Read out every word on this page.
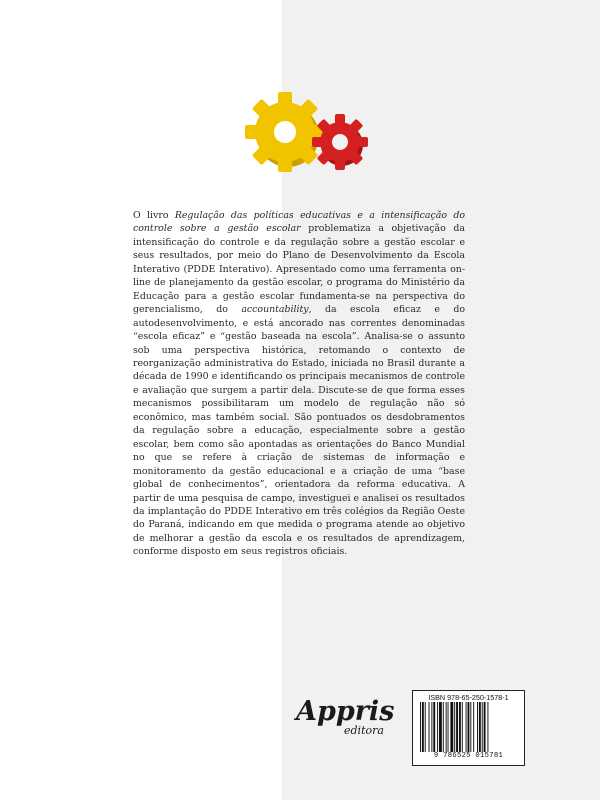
O livro Regulação das políticas educativas e a intensificação do controle sobre a gestão escolar problematiza a objetivação da intensificação do controle e da regulação sobre a gestão escolar e seus resultados, por meio do Plano de Desenvolvimento da Escola Interativo (PDDE Interativo). Apresentado como uma ferramenta on-line de planejamento da gestão escolar, o programa do Ministério da Educação para a gestão escolar fundamenta-se na perspectiva do gerencialismo, do accountability, da escola eficaz e do autodesenvolvimento, e está ancorado nas correntes denominadas “escola eficaz” e “gestão baseada na escola”. Analisa-se o assunto sob uma perspectiva histórica, retomando o contexto de reorganização administrativa do Estado, iniciada no Brasil durante a década de 1990 e identificando os principais mecanismos de controle e avaliação que surgem a partir dela. Discute-se de que forma esses mecanismos possibilitaram um modelo de regulação não só econômico, mas também social. São pontuados os desdobramentos da regulação sobre a educação, especialmente sobre a gestão escolar, bem como são apontadas as orientações do Banco Mundial no que se refere à criação de sistemas de informação e monitoramento da gestão educacional e a criação de uma “base global de conhecimentos”, orientadora da reforma educativa. A partir de uma pesquisa de campo, investiguei e analisei os resultados da implantação do PDDE Interativo em três colégios da Região Oeste do Paraná, indicando em que medida o programa atende ao objetivo de melhorar a gestão da escola e os resultados de aprendizagem, conforme disposto em seus registros oficiais.
Appris
editora
ISBN 978-65-250-1578-1
9 786525 015781
